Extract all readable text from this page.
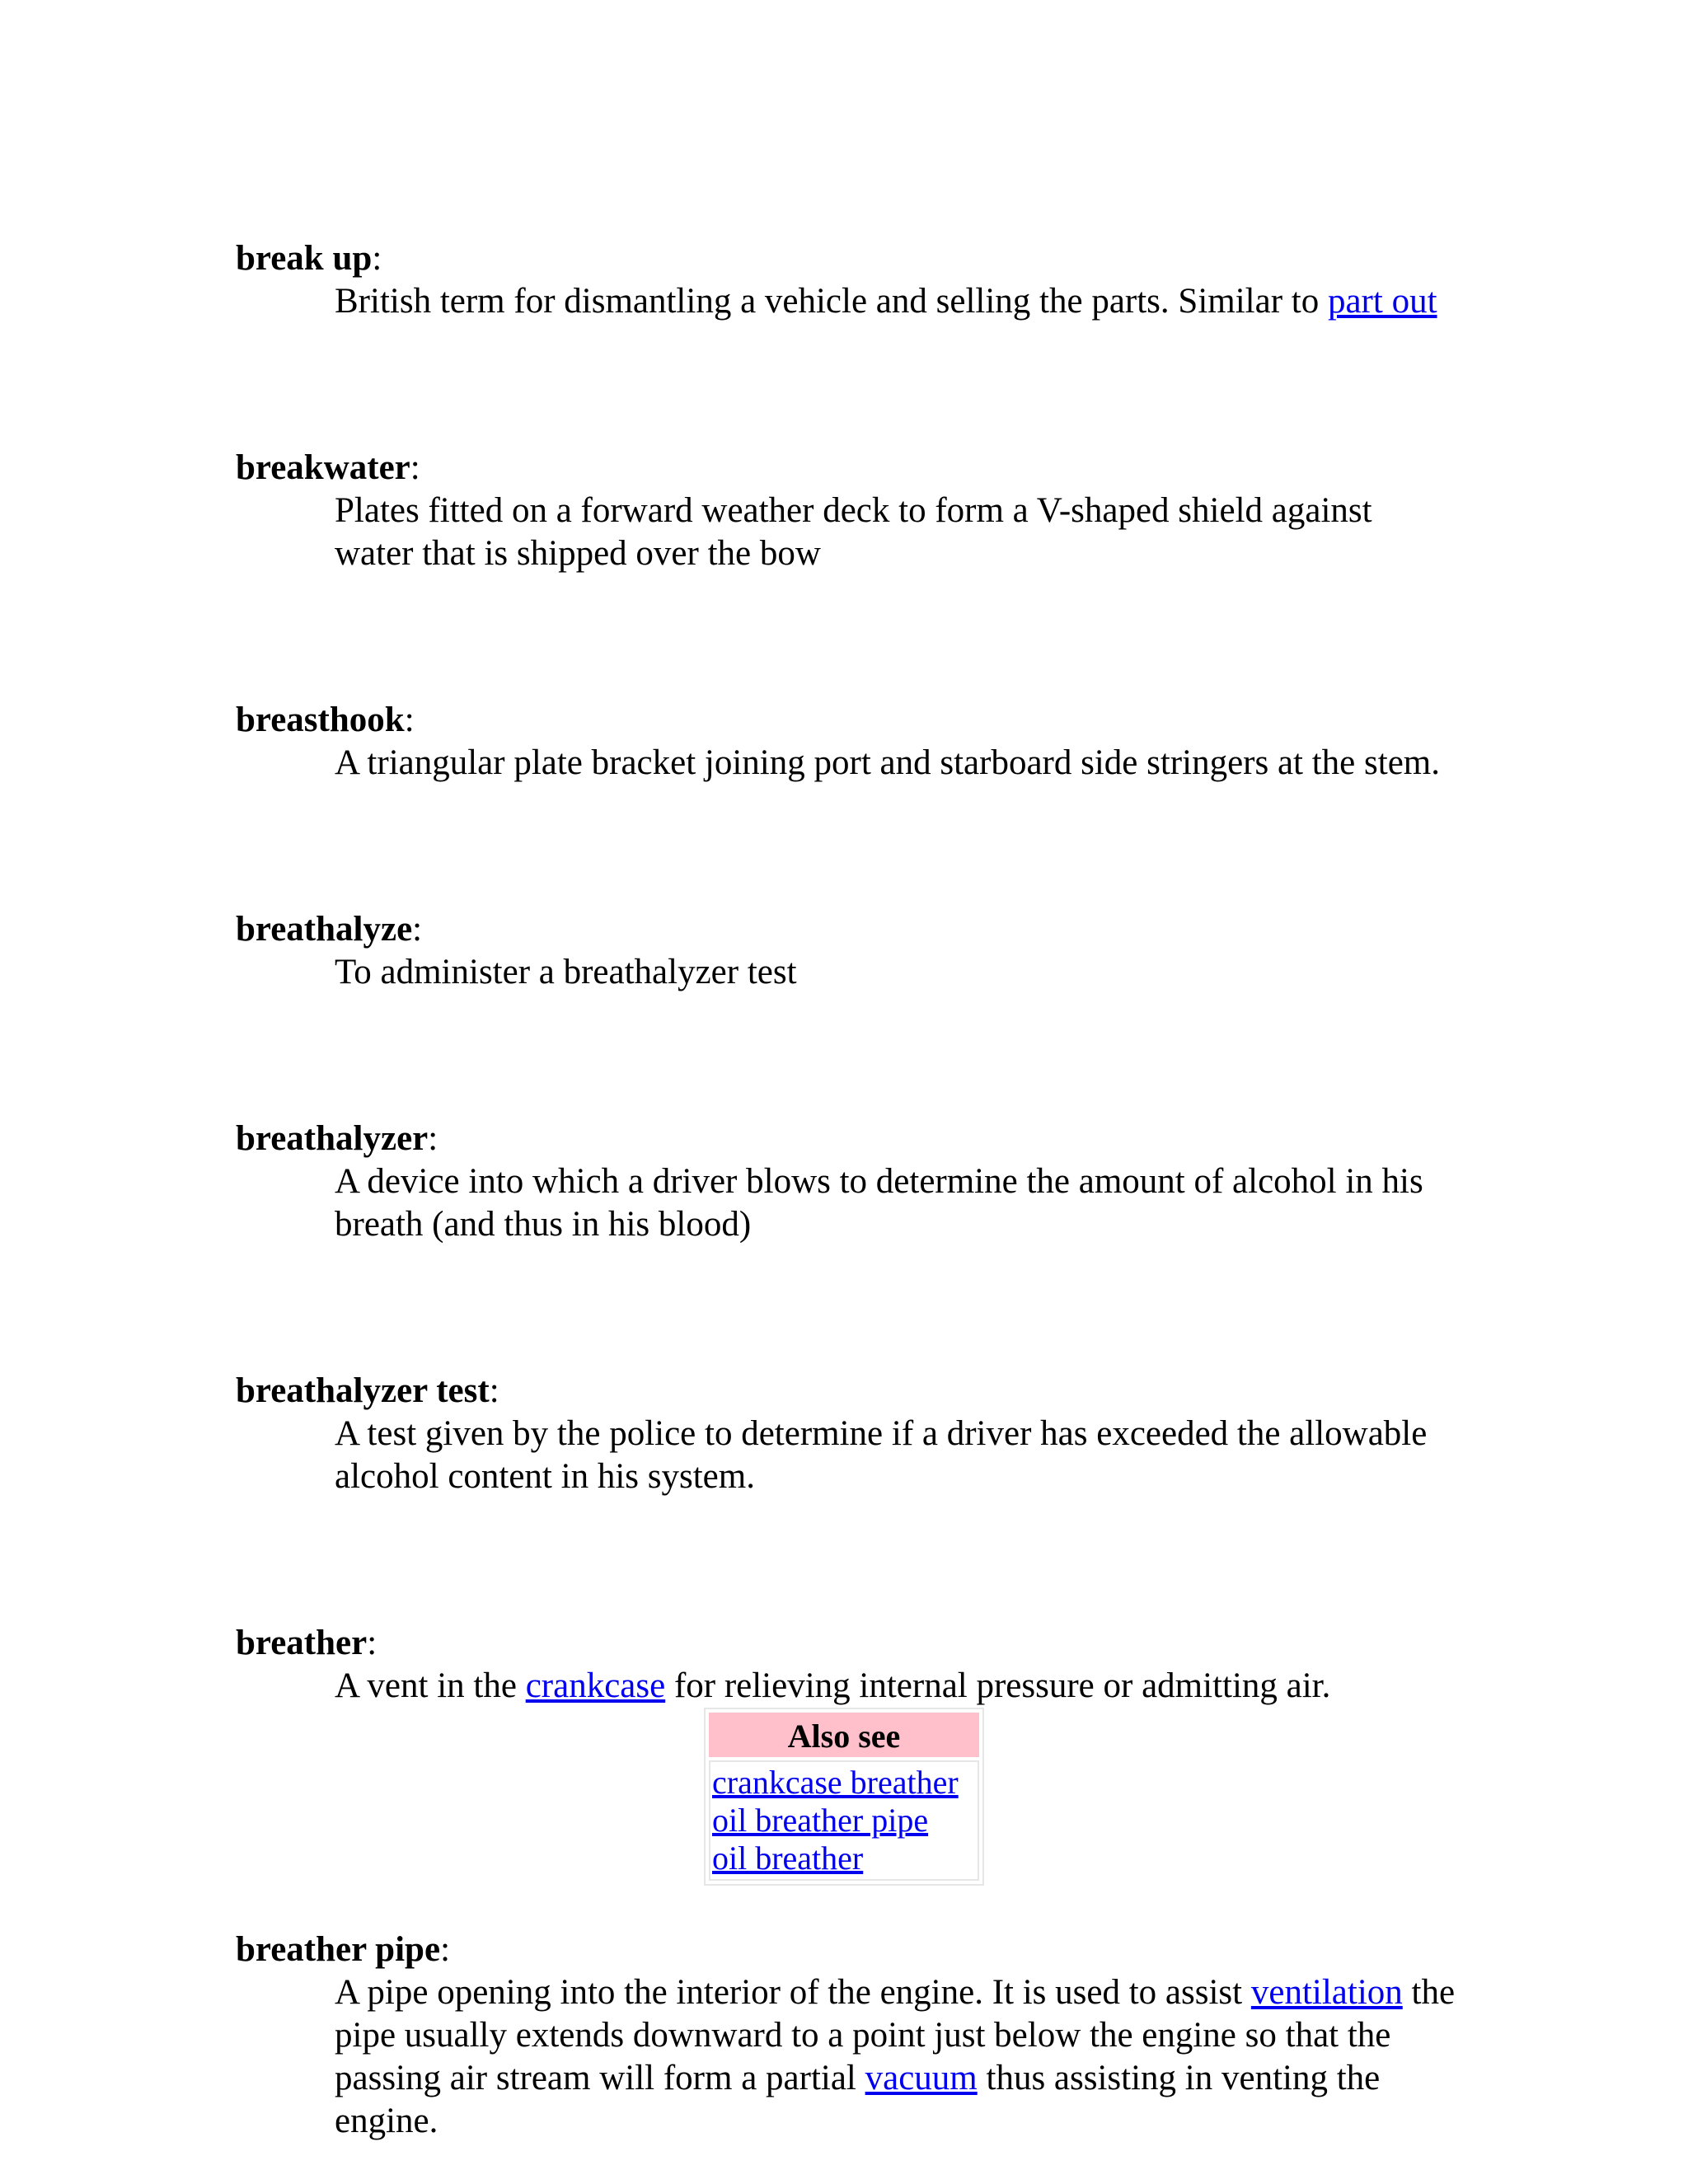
break up:
British term for dismantling a vehicle and selling the parts. Similar to part out
breakwater:
Plates fitted on a forward weather deck to form a V-shaped shield against water that is shipped over the bow
breasthook:
A triangular plate bracket joining port and starboard side stringers at the stem.
breathalyze:
To administer a breathalyzer test
breathalyzer:
A device into which a driver blows to determine the amount of alcohol in his breath (and thus in his blood)
breathalyzer test:
A test given by the police to determine if a driver has exceeded the allowable alcohol content in his system.
breather:
A vent in the crankcase for relieving internal pressure or admitting air.
Also see

crankcase breather
oil breather pipe
oil breather
breather pipe:
A pipe opening into the interior of the engine. It is used to assist ventilation the pipe usually extends downward to a point just below the engine so that the passing air stream will form a partial vacuum thus assisting in venting the engine.
